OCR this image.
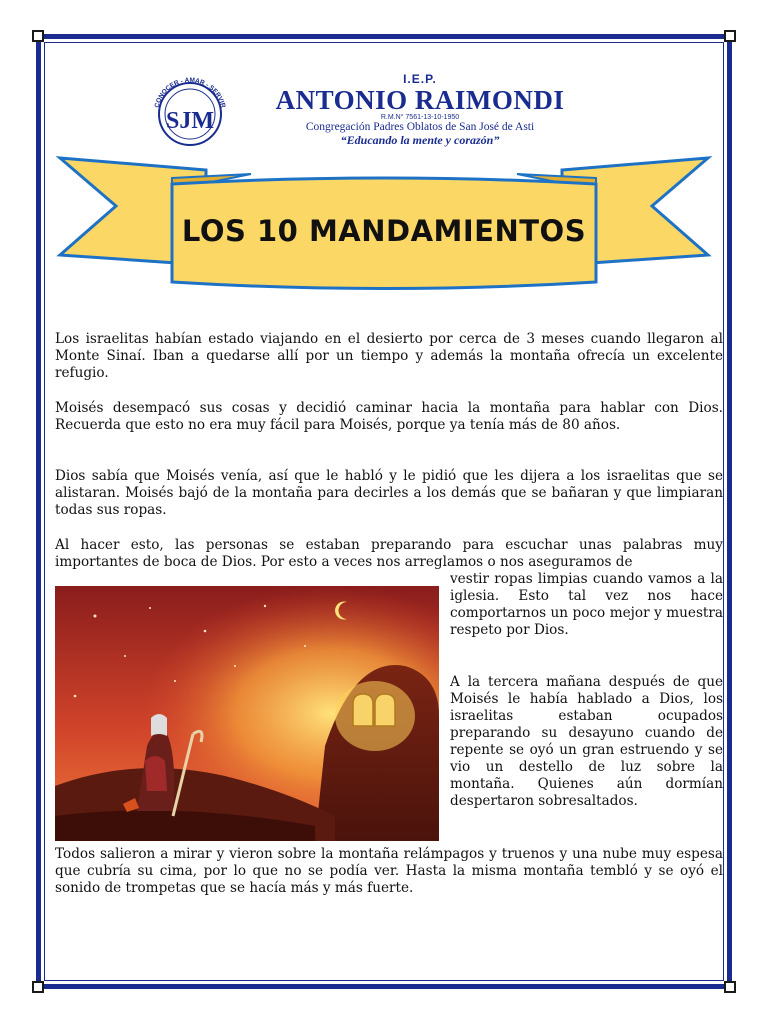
CONOCER - AMAR - SERVIR
SJM
I.E.P.
ANTONIO RAIMONDI
R.M.N° 7561-13-10-1950
Congregación Padres Oblatos de San José de Asti
“Educando la mente y corazón”
LOS 10 MANDAMIENTOS

Los israelitas habían estado viajando en el desierto por cerca de 3 meses cuando llegaron al Monte Sinaí. Iban a quedarse allí por un tiempo y además la montaña ofrecía un excelente refugio.

Moisés desempacó sus cosas y decidió caminar hacia la montaña para hablar con Dios. Recuerda que esto no era muy fácil para Moisés, porque ya tenía más de 80 años.

Dios sabía que Moisés venía, así que le habló y le pidió que les dijera a los israelitas que se alistaran. Moisés bajó de la montaña para decirles a los demás que se bañaran y que limpiaran todas sus ropas.

Al hacer esto, las personas se estaban preparando para escuchar unas palabras muy importantes de boca de Dios. Por esto a veces nos arreglamos o nos aseguramos de

vestir ropas limpias cuando vamos a la iglesia. Esto tal vez nos hace comportarnos un poco mejor y muestra respeto por Dios.

A la tercera mañana después de que Moisés le había hablado a Dios, los israelitas estaban ocupados preparando su desayuno cuando de repente se oyó un gran estruendo y se vio un destello de luz sobre la montaña. Quienes aún dormían despertaron sobresaltados.

Todos salieron a mirar y vieron sobre la montaña relámpagos y truenos y una nube muy espesa que cubría su cima, por lo que no se podía ver. Hasta la misma montaña tembló y se oyó el sonido de trompetas que se hacía más y más fuerte.
